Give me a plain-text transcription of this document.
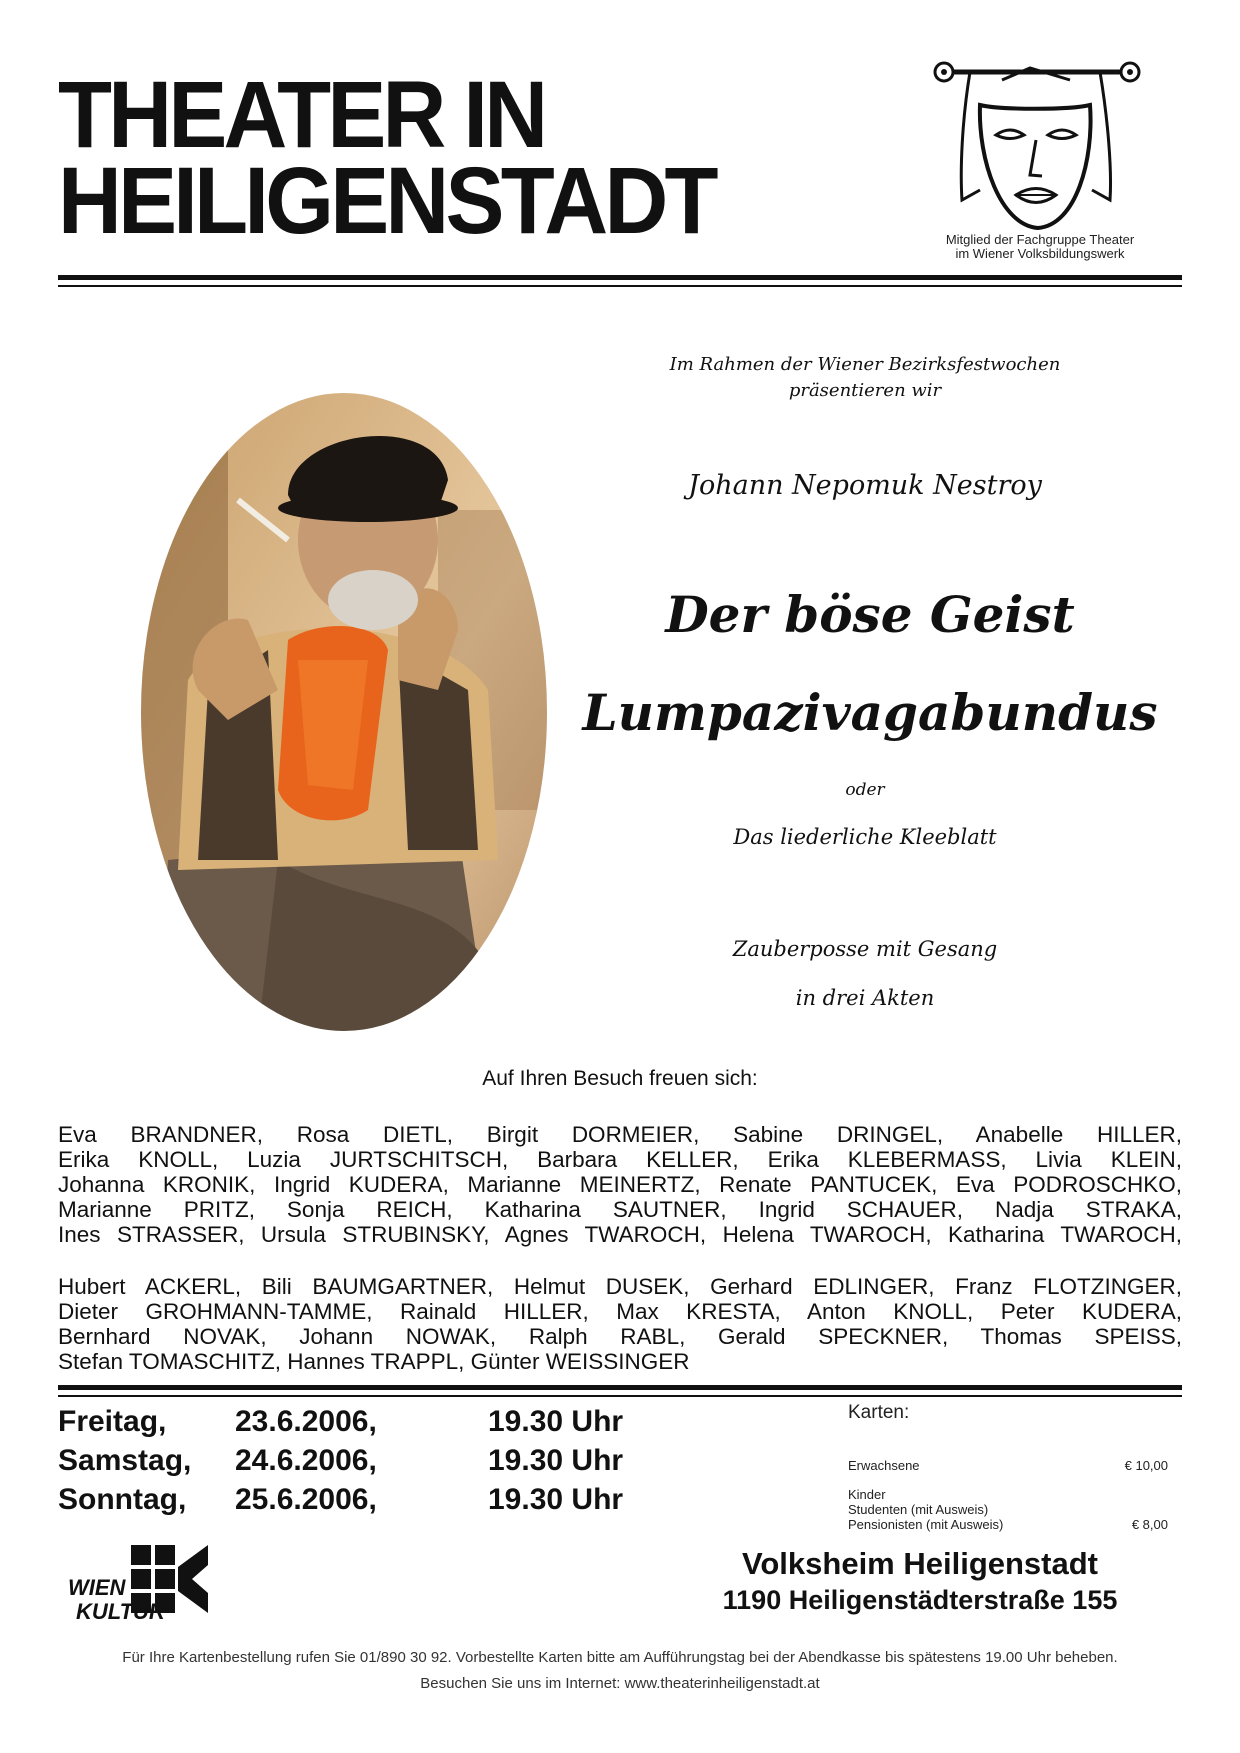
THEATER IN
HEILIGENSTADT	Mitglied der Fachgruppe Theater
im Wiener Volksbildungswerk
Im Rahmen der Wiener Bezirksfestwochen
präsentieren wir
Johann Nepomuk Nestroy
Der böse Geist
Lumpazivagabundus
oder
Das liederliche Kleeblatt
Zauberposse mit Gesang
in drei Akten
Auf Ihren Besuch freuen sich:
Eva BRANDNER, Rosa DIETL, Birgit DORMEIER, Sabine DRINGEL, Anabelle HILLER,
Erika KNOLL, Luzia JURTSCHITSCH, Barbara KELLER, Erika KLEBERMASS, Livia KLEIN,
Johanna KRONIK, Ingrid KUDERA, Marianne MEINERTZ, Renate PANTUCEK, Eva PODROSCHKO,
Marianne PRITZ, Sonja REICH, Katharina SAUTNER, Ingrid SCHAUER, Nadja STRAKA,
Ines STRASSER, Ursula STRUBINSKY, Agnes TWAROCH, Helena TWAROCH, Katharina TWAROCH,
Hubert ACKERL, Bili BAUMGARTNER, Helmut DUSEK, Gerhard EDLINGER, Franz FLOTZINGER,
Dieter GROHMANN-TAMME, Rainald HILLER, Max KRESTA, Anton KNOLL, Peter KUDERA,
Bernhard NOVAK, Johann NOWAK, Ralph RABL, Gerald SPECKNER, Thomas SPEISS,
Stefan TOMASCHITZ, Hannes TRAPPL, Günter WEISSINGER
Freitag, 23.6.2006,	19.30 Uhr
Samstag, 24.6.2006,	19.30 Uhr
Sonntag, 25.6.2006,	19.30 Uhr
Karten:
Erwachsene	€ 10,00
Kinder
Studenten (mit Ausweis)
Pensionisten (mit Ausweis)	€ 8,00
WIEN
KULTUR
Volksheim Heiligenstadt
1190 Heiligenstädterstraße 155
Für Ihre Kartenbestellung rufen Sie 01/890 30 92. Vorbestellte Karten bitte am Aufführungstag bei der Abendkasse bis spätestens 19.00 Uhr beheben.
Besuchen Sie uns im Internet: www.theaterinheiligenstadt.at
